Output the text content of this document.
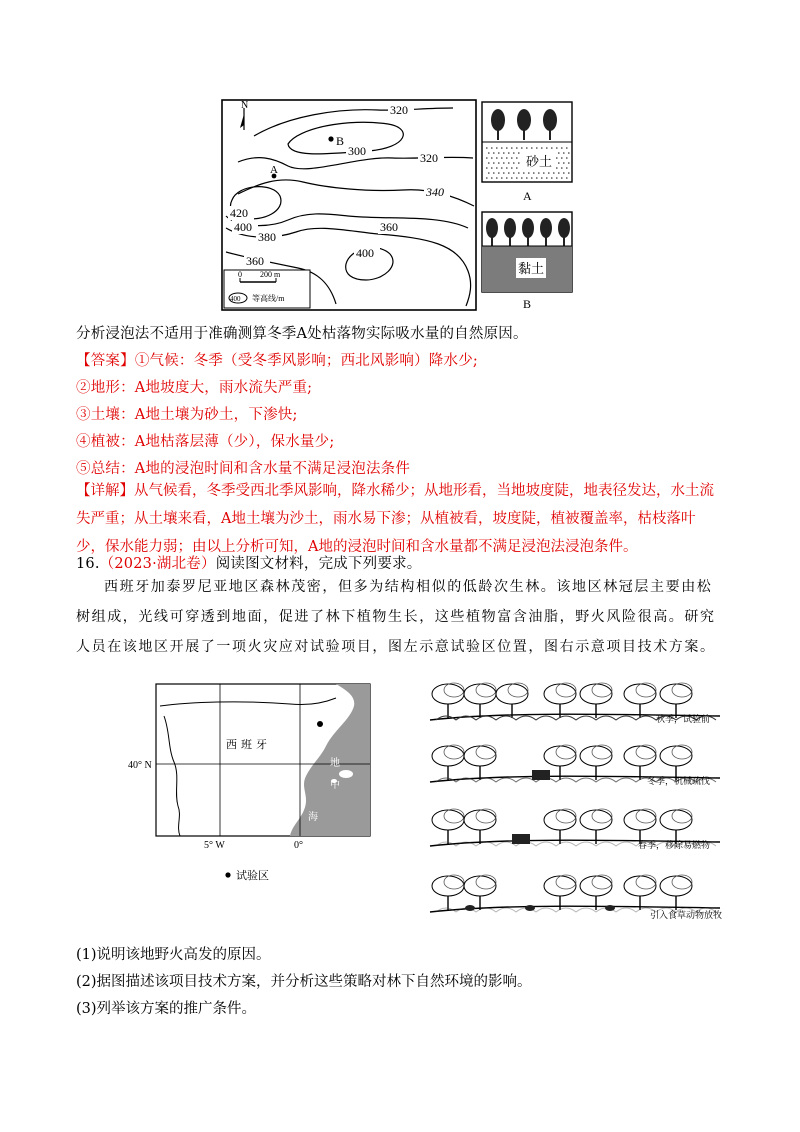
N	320
300	320
340
420
400
380
360
400
360
B
A
0 200 m
400 等高线/m
砂土
A
黏土
B
分析浸泡法不适用于准确测算冬季A处枯落物实际吸水量的自然原因。
【答案】①气候：冬季（受冬季风影响；西北风影响）降水少;
②地形：A地坡度大，雨水流失严重;
③土壤：A地土壤为砂土，下渗快;
④植被：A地枯落层薄（少），保水量少;
⑤总结：A地的浸泡时间和含水量不满足浸泡法条件
【详解】从气候看，冬季受西北季风影响，降水稀少；从地形看，当地坡度陡，地表径发达，水土流失严重；从土壤来看，A地土壤为沙土，雨水易下渗；从植被看，坡度陡，植被覆盖率，枯枝落叶少，保水能力弱；由以上分析可知，A地的浸泡时间和含水量都不满足浸泡法浸泡条件。
16.（2023·湖北卷）阅读图文材料，完成下列要求。
西班牙加泰罗尼亚地区森林茂密，但多为结构相似的低龄次生林。该地区林冠层主要由松树组成，光线可穿透到地面，促进了林下植物生长，这些植物富含油脂，野火风险很高。研究人员在该地区开展了一项火灾应对试验项目，图左示意试验区位置，图右示意项目技术方案。
西班牙
地
中
海
40° N
5° W	0°
试验区
秋季，试验前
冬季，机械疏伐
春季，移除易燃物
引入食草动物放牧
(1)说明该地野火高发的原因。
(2)据图描述该项目技术方案，并分析这些策略对林下自然环境的影响。
(3)列举该方案的推广条件。
